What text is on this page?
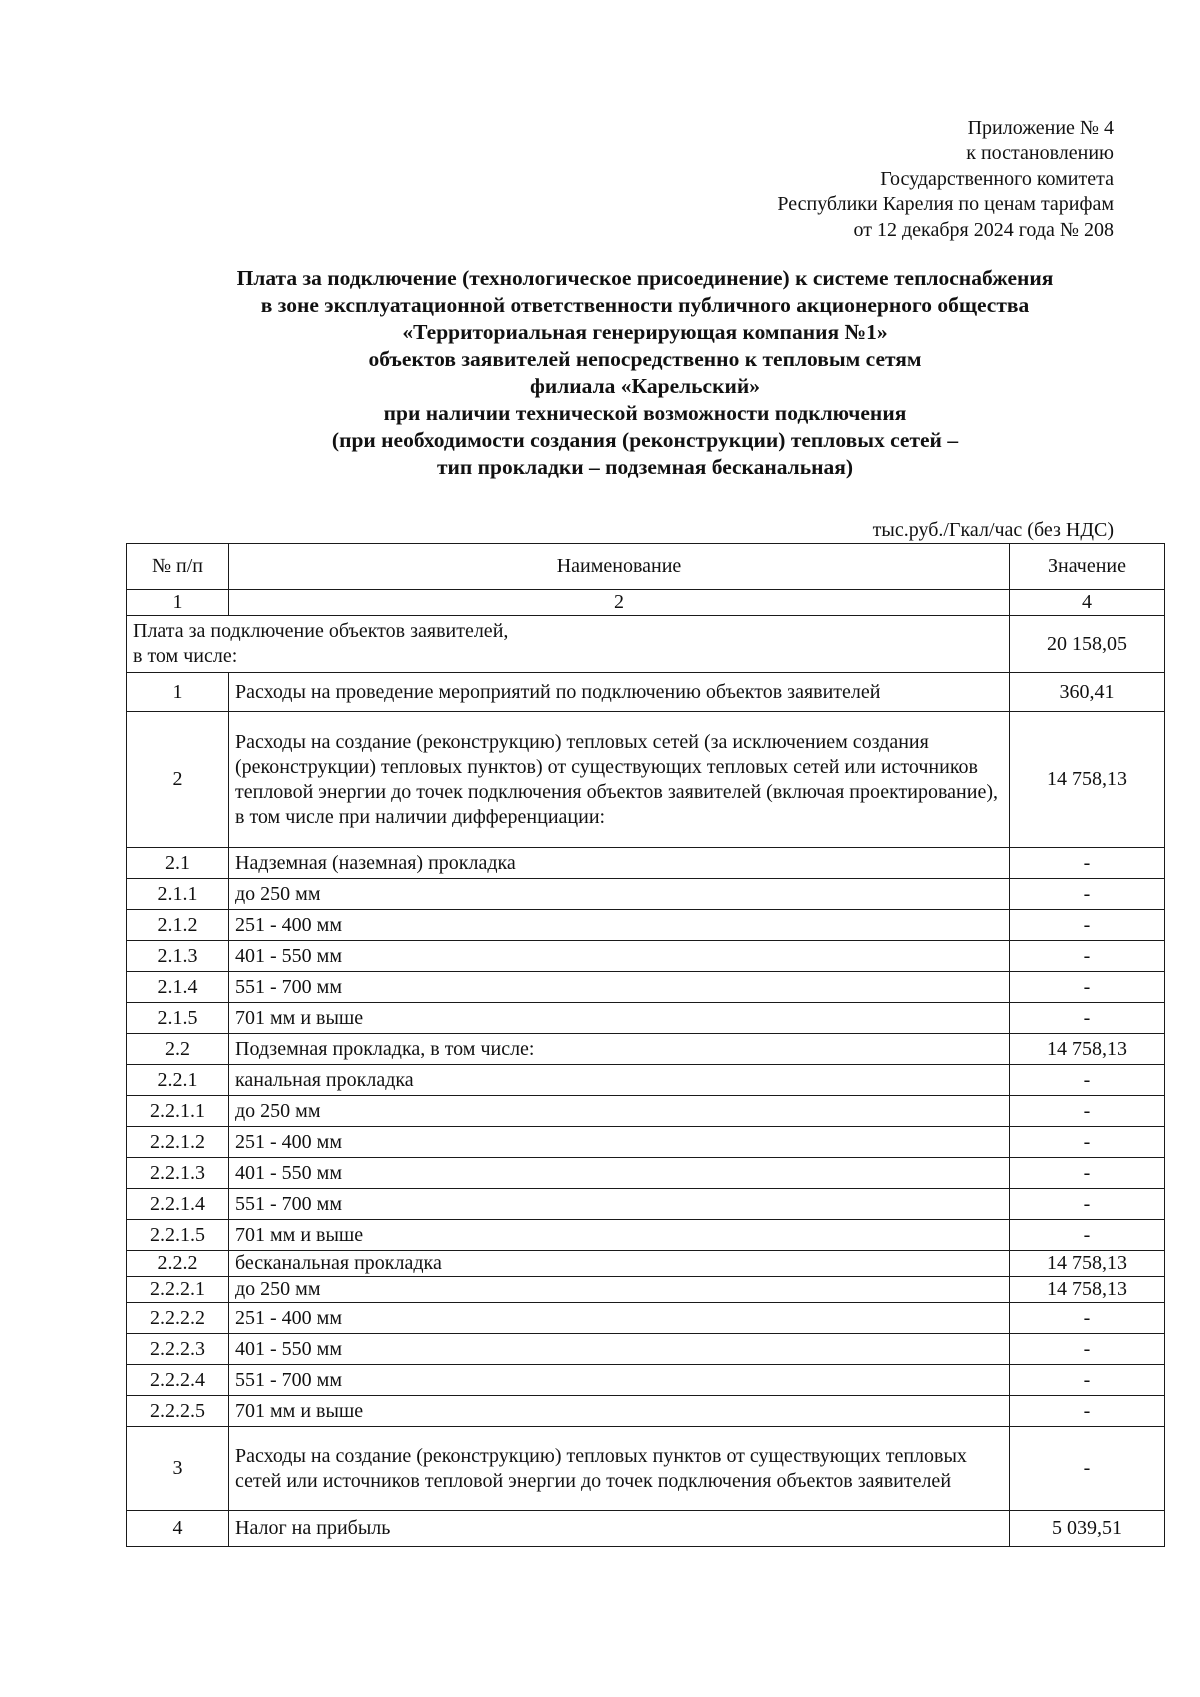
Приложение № 4
к постановлению
Государственного комитета
Республики Карелия по ценам тарифам
от 12 декабря 2024 года № 208
Плата за подключение (технологическое присоединение) к системе теплоснабжения
в зоне эксплуатационной ответственности публичного акционерного общества
«Территориальная генерирующая компания №1»
объектов заявителей непосредственно к тепловым сетям
филиала «Карельский»
при наличии технической возможности подключения
(при необходимости создания (реконструкции) тепловых сетей –
тип прокладки – подземная бесканальная)
тыс.руб./Гкал/час (без НДС)
№ п/п	Наименование	Значение
1	2	4

Плата за подключение объектов заявителей,
в том числе:		20 158,05
1	Расходы на проведение мероприятий по подключению объектов заявителей	360,41
2	Расходы на создание (реконструкцию) тепловых сетей (за исключением создания (реконструкции) тепловых пунктов) от существующих тепловых сетей или источников тепловой энергии до точек подключения объектов заявителей (включая проектирование), в том числе при наличии дифференциации:	14 758,13
2.1	Надземная (наземная) прокладка	-
2.1.1	до 250 мм	-
2.1.2	251 - 400 мм	-
2.1.3	401 - 550 мм	-
2.1.4	551 - 700 мм	-
2.1.5	701 мм и выше	-
2.2	Подземная прокладка, в том числе:	14 758,13
2.2.1	канальная прокладка	-
2.2.1.1	до 250 мм	-
2.2.1.2	251 - 400 мм	-
2.2.1.3	401 - 550 мм	-
2.2.1.4	551 - 700 мм	-
2.2.1.5	701 мм и выше	-
2.2.2	бесканальная прокладка	14 758,13
2.2.2.1	до 250 мм	14 758,13
2.2.2.2	251 - 400 мм	-
2.2.2.3	401 - 550 мм	-
2.2.2.4	551 - 700 мм	-
2.2.2.5	701 мм и выше	-
3	Расходы на создание (реконструкцию) тепловых пунктов от существующих тепловых сетей или источников тепловой энергии до точек подключения объектов заявителей	-
4	Налог на прибыль	5 039,51
